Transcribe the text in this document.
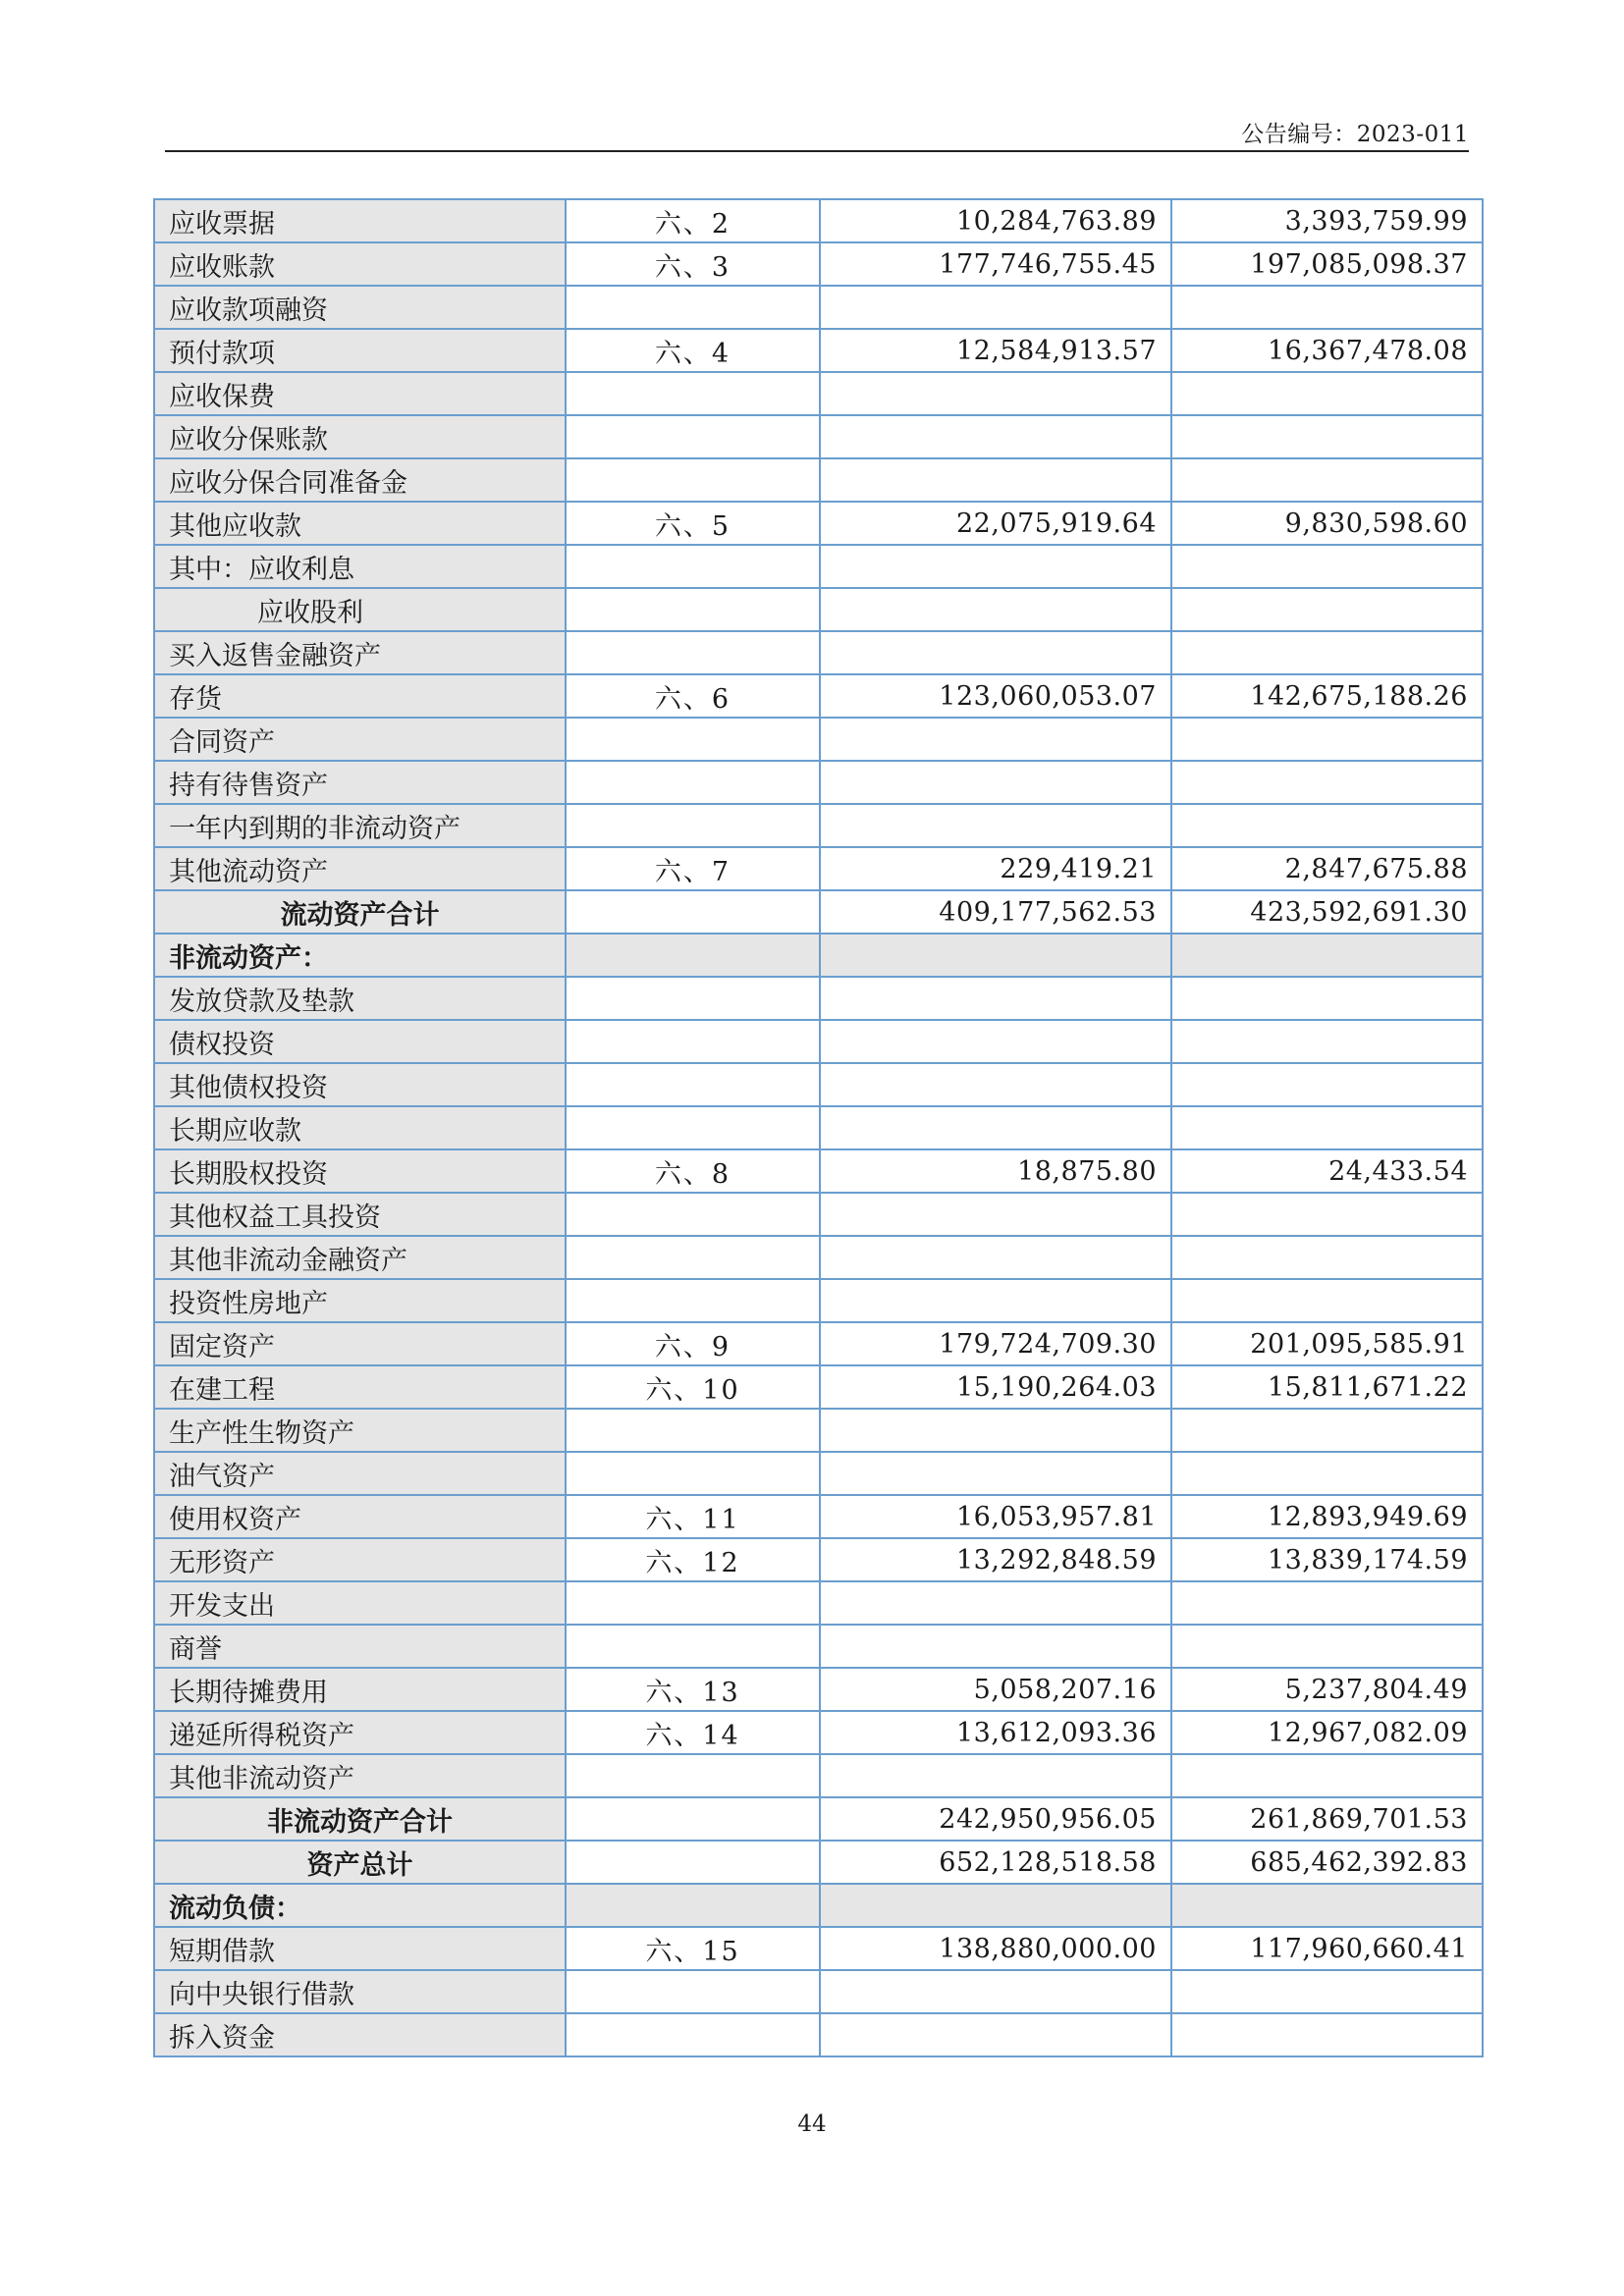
公告编号：2023-011
应收票据	六、2	10,284,763.89	3,393,759.99
应收账款	六、3	177,746,755.45	197,085,098.37
应收款项融资			
预付款项	六、4	12,584,913.57	16,367,478.08
应收保费			
应收分保账款			
应收分保合同准备金			
其他应收款	六、5	22,075,919.64	9,830,598.60
其中：应收利息			
应收股利			
买入返售金融资产			
存货	六、6	123,060,053.07	142,675,188.26
合同资产			
持有待售资产			
一年内到期的非流动资产			
其他流动资产	六、7	229,419.21	2,847,675.88
流动资产合计		409,177,562.53	423,592,691.30
非流动资产：			
发放贷款及垫款			
债权投资			
其他债权投资			
长期应收款			
长期股权投资	六、8	18,875.80	24,433.54
其他权益工具投资			
其他非流动金融资产			
投资性房地产			
固定资产	六、9	179,724,709.30	201,095,585.91
在建工程	六、10	15,190,264.03	15,811,671.22
生产性生物资产			
油气资产			
使用权资产	六、11	16,053,957.81	12,893,949.69
无形资产	六、12	13,292,848.59	13,839,174.59
开发支出			
商誉			
长期待摊费用	六、13	5,058,207.16	5,237,804.49
递延所得税资产	六、14	13,612,093.36	12,967,082.09
其他非流动资产			
非流动资产合计		242,950,956.05	261,869,701.53
资产总计		652,128,518.58	685,462,392.83
流动负债：			
短期借款	六、15	138,880,000.00	117,960,660.41
向中央银行借款			
拆入资金			
44
